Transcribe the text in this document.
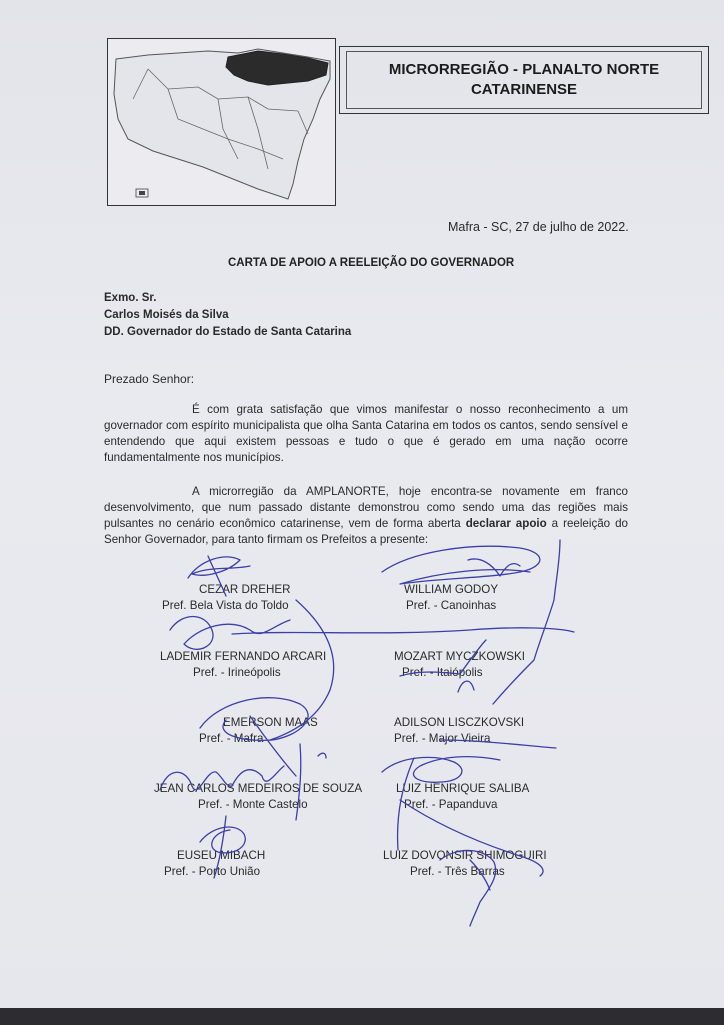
MICRORREGIÃO - PLANALTO NORTE
CATARINENSE
Mafra - SC, 27 de julho de 2022.
CARTA DE APOIO A REELEIÇÃO DO GOVERNADOR
Exmo. Sr.
Carlos Moisés da Silva
DD. Governador do Estado de Santa Catarina
Prezado Senhor:
É com grata satisfação que vimos manifestar o nosso reconhecimento a um governador com espírito municipalista que olha Santa Catarina em todos os cantos, sendo sensível e entendendo que aqui existem pessoas e tudo o que é gerado em uma nação ocorre fundamentalmente nos municípios.
A microrregião da AMPLANORTE, hoje encontra-se novamente em franco desenvolvimento, que num passado distante demonstrou como sendo uma das regiões mais pulsantes no cenário econômico catarinense, vem de forma aberta declarar apoio a reeleição do Senhor Governador, para tanto firmam os Prefeitos a presente:
CEZAR DREHER
Pref. Bela Vista do Toldo
WILLIAM GODOY
Pref. - Canoinhas
LADEMIR FERNANDO ARCARI
Pref. - Irineópolis
MOZART MYCZKOWSKI
Pref. - Itaiópolis
EMERSON MAAS
Pref. - Mafra
ADILSON LISCZKOVSKI
Pref. - Major Vieira
JEAN CARLOS MEDEIROS DE SOUZA
Pref. - Monte Castelo
LUIZ HENRIQUE SALIBA
Pref. - Papanduva
EUSEU MIBACH
Pref. - Porto União
LUIZ DOVONSIR SHIMOGUIRI
Pref. - Três Barras
